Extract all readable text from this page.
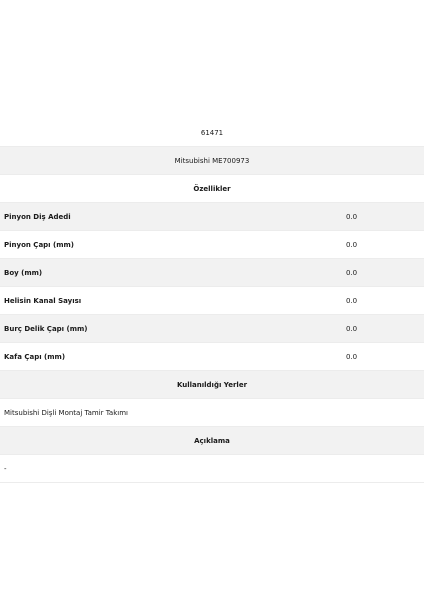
61471
Mitsubishi ME700973
Özellikler
Pinyon Diş Adedi	0.0
Pinyon Çapı (mm)	0.0
Boy (mm)	0.0
Helisin Kanal Sayısı	0.0
Burç Delik Çapı (mm)	0.0
Kafa Çapı (mm)	0.0
Kullanıldığı Yerler
Mitsubishi Dişli Montaj Tamir Takımı
Açıklama
-
